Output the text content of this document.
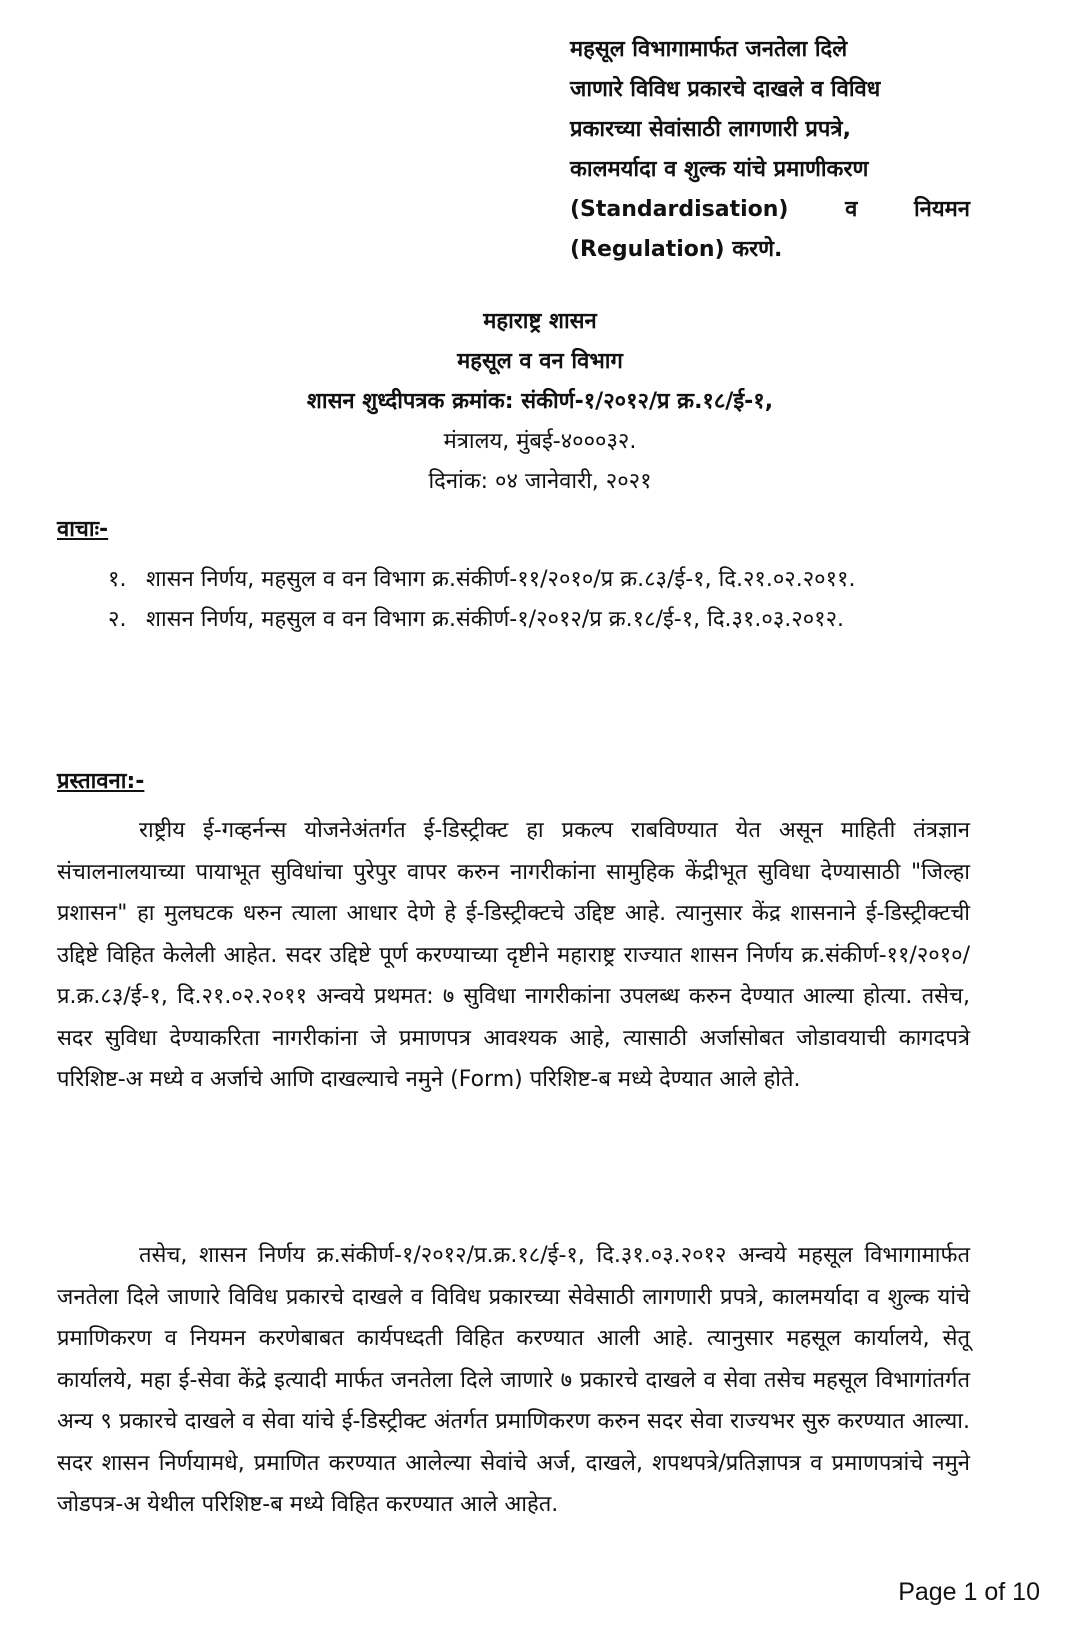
महसूल विभागामार्फत जनतेला दिले
जाणारे विविध प्रकारचे दाखले व विविध
प्रकारच्या सेवांसाठी लागणारी प्रपत्रे,
कालमर्यादा व शुल्क यांचे प्रमाणीकरण
(Standardisation) व नियमन
(Regulation) करणे.
महाराष्ट्र शासन
महसूल व वन विभाग
शासन शुध्दीपत्रक क्रमांक: संकीर्ण-१/२०१२/प्र क्र.१८/ई-१,
मंत्रालय, मुंबई-४०००३२.
दिनांक: ०४ जानेवारी, २०२१
वाचाः-
१. शासन निर्णय, महसुल व वन विभाग क्र.संकीर्ण-११/२०१०/प्र क्र.८३/ई-१, दि.२१.०२.२०११.
२. शासन निर्णय, महसुल व वन विभाग क्र.संकीर्ण-१/२०१२/प्र क्र.१८/ई-१, दि.३१.०३.२०१२.
प्रस्तावना:-

राष्ट्रीय ई-गव्हर्नन्स योजनेअंतर्गत ई-डिस्ट्रीक्ट हा प्रकल्प राबविण्यात येत असून माहिती तंत्रज्ञान संचालनालयाच्या पायाभूत सुविधांचा पुरेपुर वापर करुन नागरीकांना सामुहिक केंद्रीभूत सुविधा देण्यासाठी "जिल्हा प्रशासन" हा मुलघटक धरुन त्याला आधार देणे हे ई-डिस्ट्रीक्टचे उद्दिष्ट आहे. त्यानुसार केंद्र शासनाने ई-डिस्ट्रीक्टची उद्दिष्टे विहित केलेली आहेत. सदर उद्दिष्टे पूर्ण करण्याच्या दृष्टीने महाराष्ट्र राज्यात शासन निर्णय क्र.संकीर्ण-११/२०१०/प्र.क्र.८३/ई-१, दि.२१.०२.२०११ अन्वये प्रथमत: ७ सुविधा नागरीकांना उपलब्ध करुन देण्यात आल्या होत्या. तसेच, सदर सुविधा देण्याकरिता नागरीकांना जे प्रमाणपत्र आवश्यक आहे, त्यासाठी अर्जासोबत जोडावयाची कागदपत्रे परिशिष्ट-अ मध्ये व अर्जाचे आणि दाखल्याचे नमुने (Form) परिशिष्ट-ब मध्ये देण्यात आले होते.

तसेच, शासन निर्णय क्र.संकीर्ण-१/२०१२/प्र.क्र.१८/ई-१, दि.३१.०३.२०१२ अन्वये महसूल विभागामार्फत जनतेला दिले जाणारे विविध प्रकारचे दाखले व विविध प्रकारच्या सेवेसाठी लागणारी प्रपत्रे, कालमर्यादा व शुल्क यांचे प्रमाणिकरण व नियमन करणेबाबत कार्यपध्दती विहित करण्यात आली आहे. त्यानुसार महसूल कार्यालये, सेतू कार्यालये, महा ई-सेवा केंद्रे इत्यादी मार्फत जनतेला दिले जाणारे ७ प्रकारचे दाखले व सेवा तसेच महसूल विभागांतर्गत अन्य ९ प्रकारचे दाखले व सेवा यांचे ई-डिस्ट्रीक्ट अंतर्गत प्रमाणिकरण करुन सदर सेवा राज्यभर सुरु करण्यात आल्या. सदर शासन निर्णयामधे, प्रमाणित करण्यात आलेल्या सेवांचे अर्ज, दाखले, शपथपत्रे/प्रतिज्ञापत्र व प्रमाणपत्रांचे नमुने जोडपत्र-अ येथील परिशिष्ट-ब मध्ये विहित करण्यात आले आहेत.

Page 1 of 10
